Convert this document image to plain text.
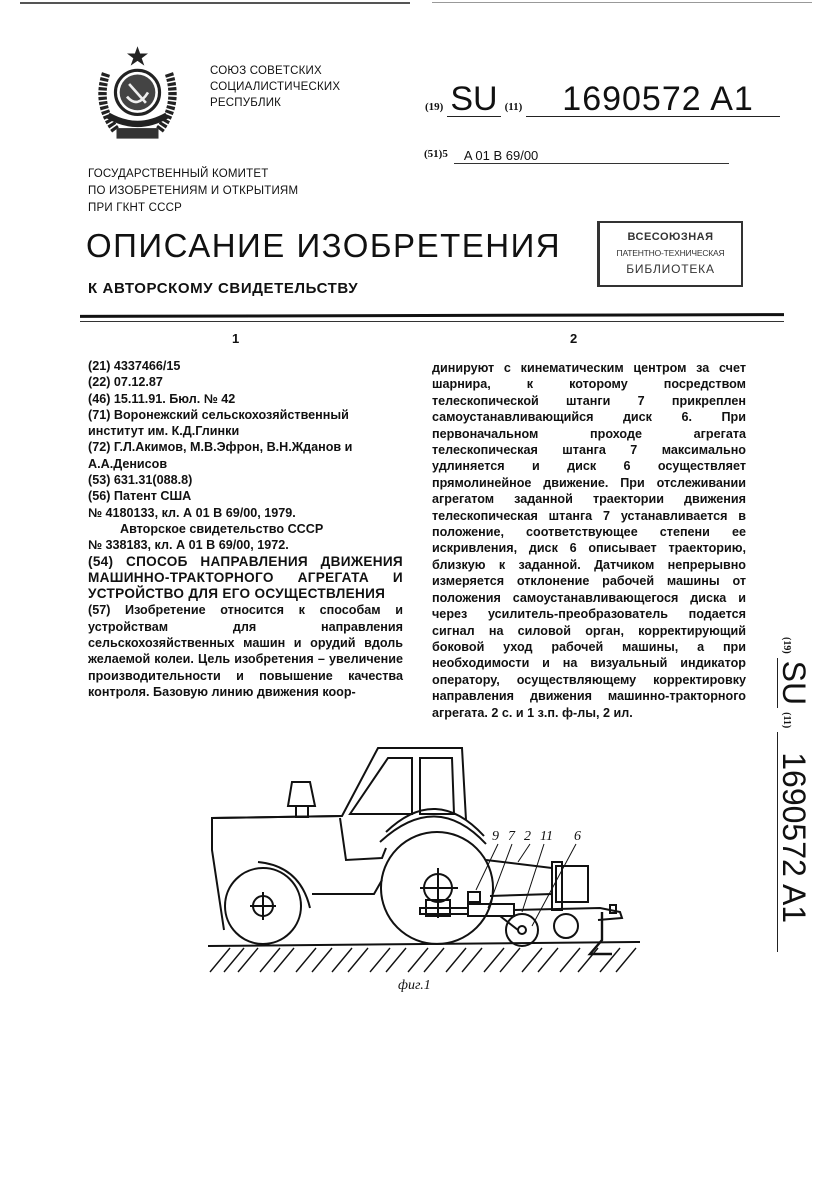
СОЮЗ СОВЕТСКИХ
СОЦИАЛИСТИЧЕСКИХ
РЕСПУБЛИК
ГОСУДАРСТВЕННЫЙ КОМИТЕТ
ПО ИЗОБРЕТЕНИЯМ И ОТКРЫТИЯМ
ПРИ ГКНТ СССР
(19) SU (11)	1690572 A1
(51)5	A 01 B 69/00
ОПИСАНИЕ ИЗОБРЕТЕНИЯ
К АВТОРСКОМУ СВИДЕТЕЛЬСТВУ
ВСЕСОЮЗНАЯ
ПАТЕНТНО-ТЕХНИЧЕСКАЯ
БИБЛИОТЕКА
1	2

(21) 4337466/15

(22) 07.12.87

(46) 15.11.91. Бюл. № 42

(71) Воронежский сельскохозяйственный институт им. К.Д.Глинки

(72) Г.Л.Акимов, М.В.Эфрон, В.Н.Жданов и А.А.Денисов

(53) 631.31(088.8)

(56) Патент США

№ 4180133, кл. А 01 В 69/00, 1979.

Авторское свидетельство СССР

№ 338183, кл. А 01 В 69/00, 1972.

(54) СПОСОБ НАПРАВЛЕНИЯ ДВИЖЕНИЯ МАШИННО-ТРАКТОРНОГО АГРЕГАТА И УСТРОЙСТВО ДЛЯ ЕГО ОСУЩЕСТВЛЕНИЯ

(57) Изобретение относится к способам и устройствам для направления сельскохозяйственных машин и орудий вдоль желаемой колеи. Цель изобретения – увеличение производительности и повышение качества контроля. Базовую линию движения коор-

динируют с кинематическим центром за счет шарнира, к которому посредством телескопической штанги 7 прикреплен самоустанавливающийся диск 6. При первоначальном проходе агрегата телескопическая штанга 7 максимально удлиняется и диск 6 осуществляет прямолинейное движение. При отслеживании агрегатом заданной траектории движения телескопическая штанга 7 устанавливается в положение, соответствующее степени ее искривления, диск 6 описывает траекторию, близкую к заданной. Датчиком непрерывно измеряется отклонение рабочей машины от положения самоустанавливающегося диска и через усилитель-преобразователь подается сигнал на силовой орган, корректирующий боковой уход рабочей машины, а при необходимости и на визуальный индикатор оператору, осуществляющему корректировку направления движения машинно-тракторного агрегата. 2 с. и 1 з.п. ф-лы, 2 ил.
(19)
SU
(11)
1690572 A1
9 7 2 11 6
фиг.1
